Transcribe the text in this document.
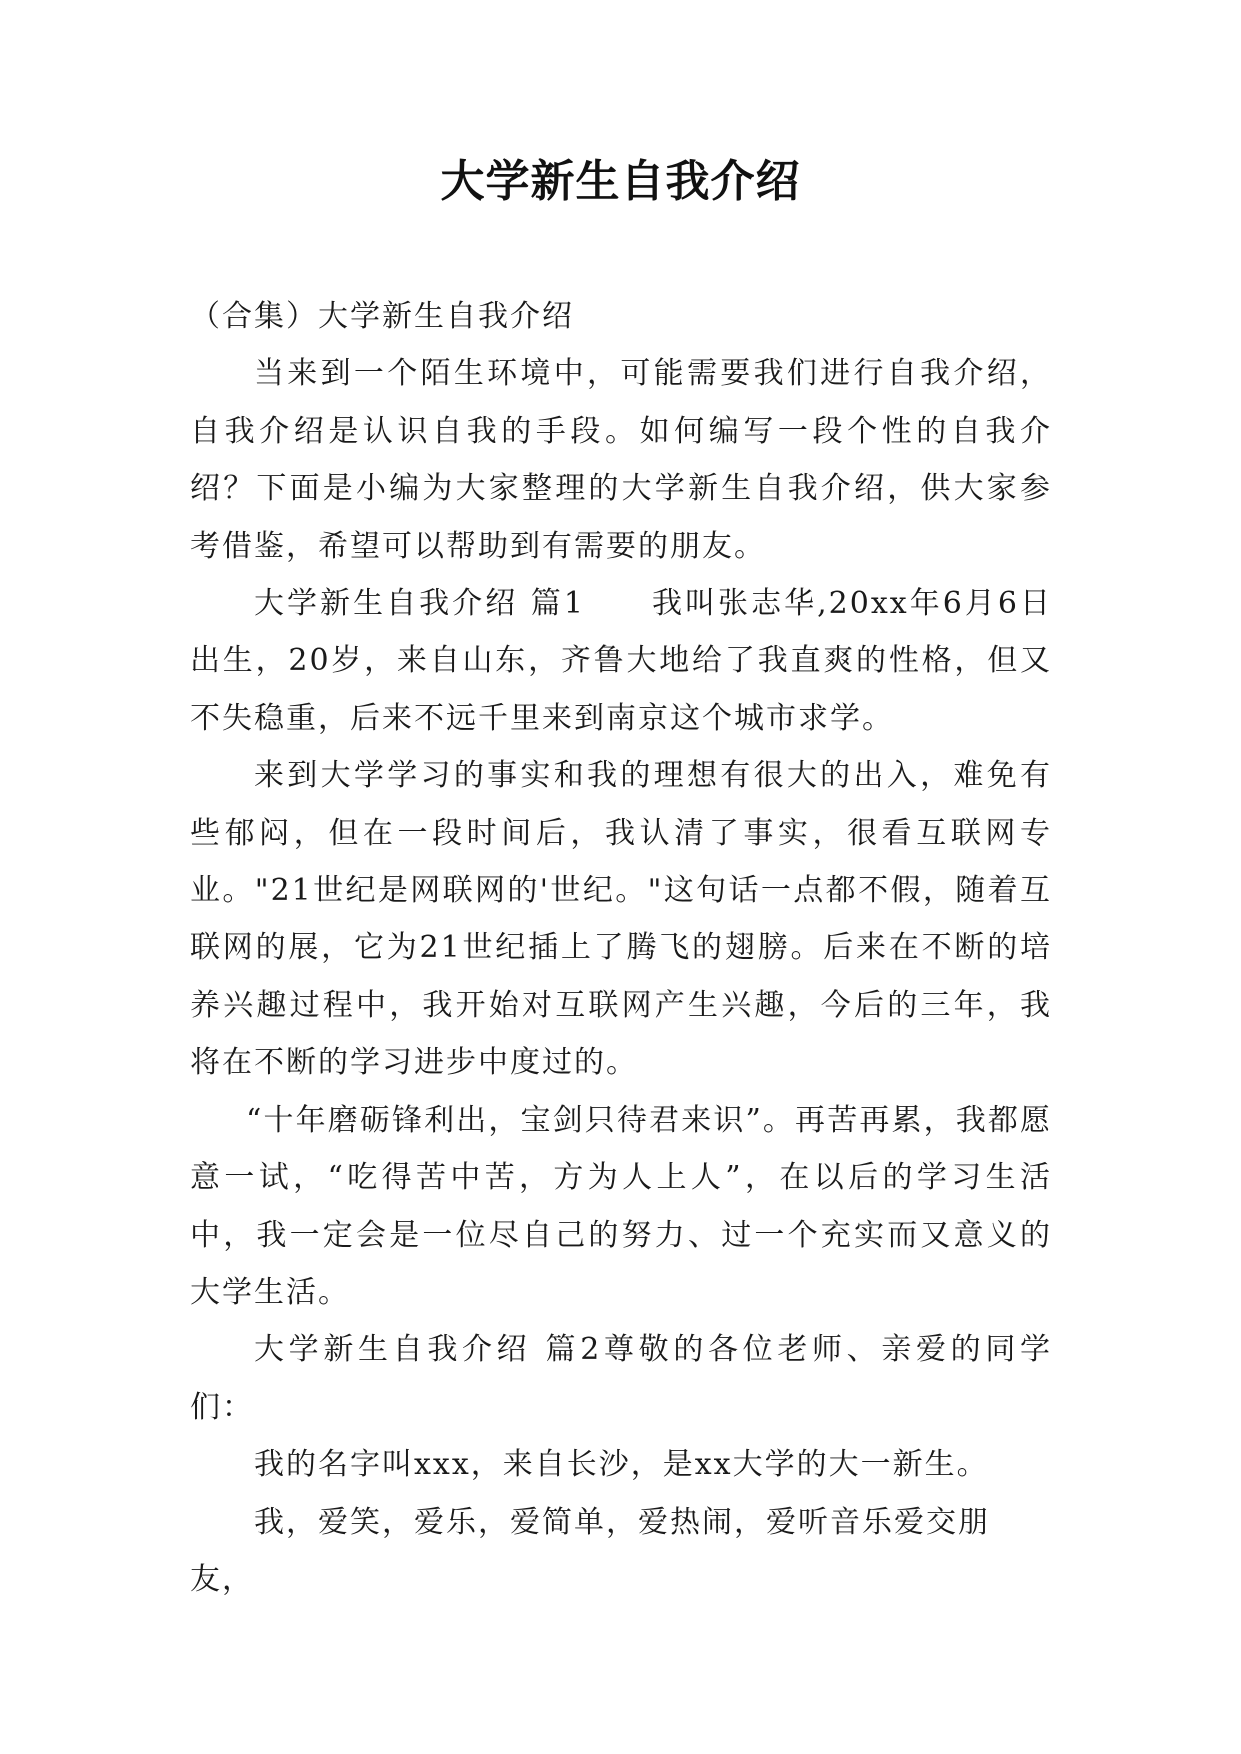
大学新生自我介绍

（合集）大学新生自我介绍

当来到一个陌生环境中，可能需要我们进行自我介绍，自我介绍是认识自我的手段。如何编写一段个性的自我介绍？下面是小编为大家整理的大学新生自我介绍，供大家参考借鉴，希望可以帮助到有需要的朋友。

大学新生自我介绍 篇1　　我叫张志华,20xx年6月6日出生，20岁，来自山东，齐鲁大地给了我直爽的性格，但又不失稳重，后来不远千里来到南京这个城市求学。

来到大学学习的事实和我的理想有很大的出入，难免有些郁闷，但在一段时间后，我认清了事实，很看互联网专业。"21世纪是网联网的'世纪。"这句话一点都不假，随着互联网的展，它为21世纪插上了腾飞的翅膀。后来在不断的培养兴趣过程中，我开始对互联网产生兴趣，今后的三年，我将在不断的学习进步中度过的。

“十年磨砺锋利出，宝剑只待君来识”。再苦再累，我都愿意一试，“吃得苦中苦，方为人上人”，在以后的学习生活中，我一定会是一位尽自己的努力、过一个充实而又意义的大学生活。

大学新生自我介绍 篇2尊敬的各位老师、亲爱的同学们：

我的名字叫xxx，来自长沙，是xx大学的大一新生。

我，爱笑，爱乐，爱简单，爱热闹，爱听音乐爱交朋友，
